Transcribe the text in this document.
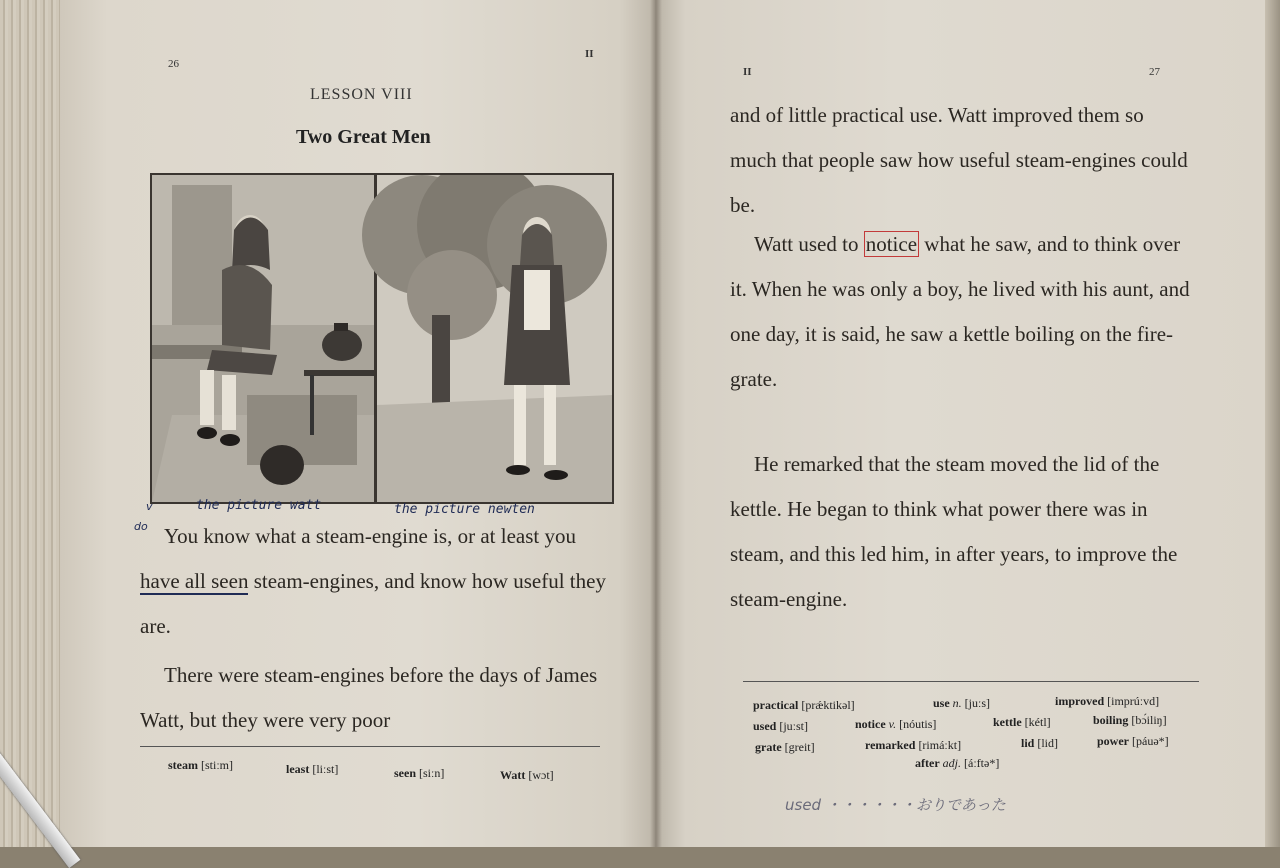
26
II
LESSON VIII
Two Great Men
v	the picture watt	the picture newten
do You know what a steam-engine is, or at least you have all seen steam-engines, and know how useful they are.
There were steam-engines before the days of James Watt, but they were very poor
steam [stiːm]	least [liːst]	seen [siːn]	Watt [wɔt]
II	27
and of little practical use. Watt improved them so much that people saw how useful steam-engines could be.
Watt used to notice what he saw, and to think over it. When he was only a boy, he lived with his aunt, and one day, it is said, he saw a kettle boiling on the fire-grate.
He remarked that the steam moved the lid of the kettle. He began to think what power there was in steam, and this led him, in after years, to improve the steam-engine.
practical [prǽktikəl]	use n. [juːs]	improved [imprúːvd]
used [juːst]	notice v. [nóutis]	kettle [kétl]	boiling [bɔ́iliŋ]
grate [greit]	remarked [rimáːkt]	lid [lid]	power [páuə*]
after adj. [áːftə*]
used ・・・・・・おりであった
